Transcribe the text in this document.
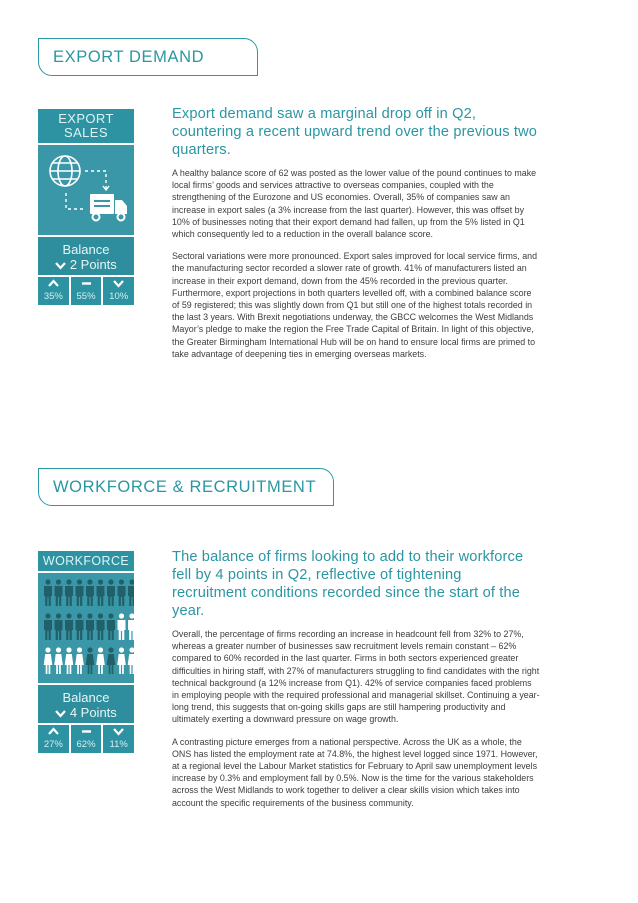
EXPORT DEMAND
EXPORT
SALES
Balance
2 Points
35%	55%	10%

Export demand saw a marginal drop off in Q2, countering a recent upward trend over the previous two quarters.

A healthy balance score of 62 was posted as the lower value of the pound continues to make local firms’ goods and services attractive to overseas companies, coupled with the strengthening of the Eurozone and US economies. Overall, 35% of companies saw an increase in export sales (a 3% increase from the last quarter). However, this was offset by 10% of businesses noting that their export demand had fallen, up from the 5% listed in Q1 which consequently led to a reduction in the overall balance score.

Sectoral variations were more pronounced. Export sales improved for local service firms, and the manufacturing sector recorded a slower rate of growth. 41% of manufacturers listed an increase in their export demand, down from the 45% recorded in the previous quarter. Furthermore, export projections in both quarters levelled off, with a combined balance score of 59 registered; this was slightly down from Q1 but still one of the highest totals recorded in the last 3 years. With Brexit negotiations underway, the GBCC welcomes the West Midlands Mayor’s pledge to make the region the Free Trade Capital of Britain. In light of this objective, the Greater Birmingham International Hub will be on hand to ensure local firms are primed to take advantage of deepening ties in emerging overseas markets.

WORKFORCE & RECRUITMENT
WORKFORCE
Balance
4 Points
27%	62%	11%

The balance of firms looking to add to their workforce fell by 4 points in Q2, reflective of tightening recruitment conditions recorded since the start of the year.

Overall, the percentage of firms recording an increase in headcount fell from 32% to 27%, whereas a greater number of businesses saw recruitment levels remain constant – 62% compared to 60% recorded in the last quarter. Firms in both sectors experienced greater difficulties in hiring staff, with 27% of manufacturers struggling to find candidates with the right technical background (a 12% increase from Q1). 42% of service companies faced problems in employing people with the required professional and managerial skillset. Continuing a year-long trend, this suggests that on-going skills gaps are still hampering productivity and ultimately exerting a downward pressure on wage growth.

A contrasting picture emerges from a national perspective. Across the UK as a whole, the ONS has listed the employment rate at 74.8%, the highest level logged since 1971. However, at a regional level the Labour Market statistics for February to April saw unemployment levels increase by 0.3% and employment fall by 0.5%. Now is the time for the various stakeholders across the West Midlands to work together to deliver a clear skills vision which takes into account the specific requirements of the business community.
